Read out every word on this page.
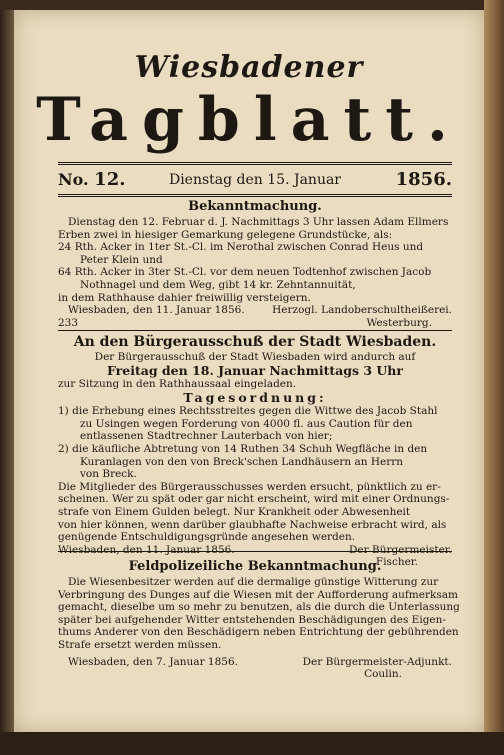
Wiesbadener
Tagblatt.
No. 12.	Dienstag den 15. Januar	1856.
Bekanntmachung.
Dienstag den 12. Februar d. J. Nachmittags 3 Uhr lassen Adam Ellmers
Erben zwei in hiesiger Gemarkung gelegene Grundstücke, als:
24 Rth. Acker in 1ter St.-Cl. im Nerothal zwischen Conrad Heus und
Peter Klein und
64 Rth. Acker in 3ter St.-Cl. vor dem neuen Todtenhof zwischen Jacob
Nothnagel und dem Weg, gibt 14 kr. Zehntannuität,
in dem Rathhause dahier freiwillig versteigern.
Wiesbaden, den 11. Januar 1856.	Herzogl. Landoberschultheißerei.
233	Westerburg.
An den Bürgerausschuß der Stadt Wiesbaden.
Der Bürgerausschuß der Stadt Wiesbaden wird andurch auf
Freitag den 18. Januar Nachmittags 3 Uhr
zur Sitzung in den Rathhaussaal eingeladen.
Tagesordnung:
1) die Erhebung eines Rechtsstreites gegen die Wittwe des Jacob Stahl
zu Usingen wegen Forderung von 4000 fl. aus Caution für den
entlassenen Stadtrechner Lauterbach von hier;
2) die käufliche Abtretung von 14 Ruthen 34 Schuh Wegfläche in den
Kuranlagen von den von Breck'schen Landhäusern an Herrn
von Breck.
Die Mitglieder des Bürgerausschusses werden ersucht, pünktlich zu er-
scheinen. Wer zu spät oder gar nicht erscheint, wird mit einer Ordnungs-
strafe von Einem Gulden belegt. Nur Krankheit oder Abwesenheit
von hier können, wenn darüber glaubhafte Nachweise erbracht wird, als
genügende Entschuldigungsgründe angesehen werden.
Wiesbaden, den 11. Januar 1856.	Der Bürgermeister.
Fischer.
Feldpolizeiliche Bekanntmachung.
Die Wiesenbesitzer werden auf die dermalige günstige Witterung zur
Verbringung des Dunges auf die Wiesen mit der Aufforderung aufmerksam
gemacht, dieselbe um so mehr zu benutzen, als die durch die Unterlassung
später bei aufgehender Witter entstehenden Beschädigungen des Eigen-
thums Anderer von den Beschädigern neben Entrichtung der gebührenden
Strafe ersetzt werden müssen.
Wiesbaden, den 7. Januar 1856.	Der Bürgermeister-Adjunkt.
Coulin.
